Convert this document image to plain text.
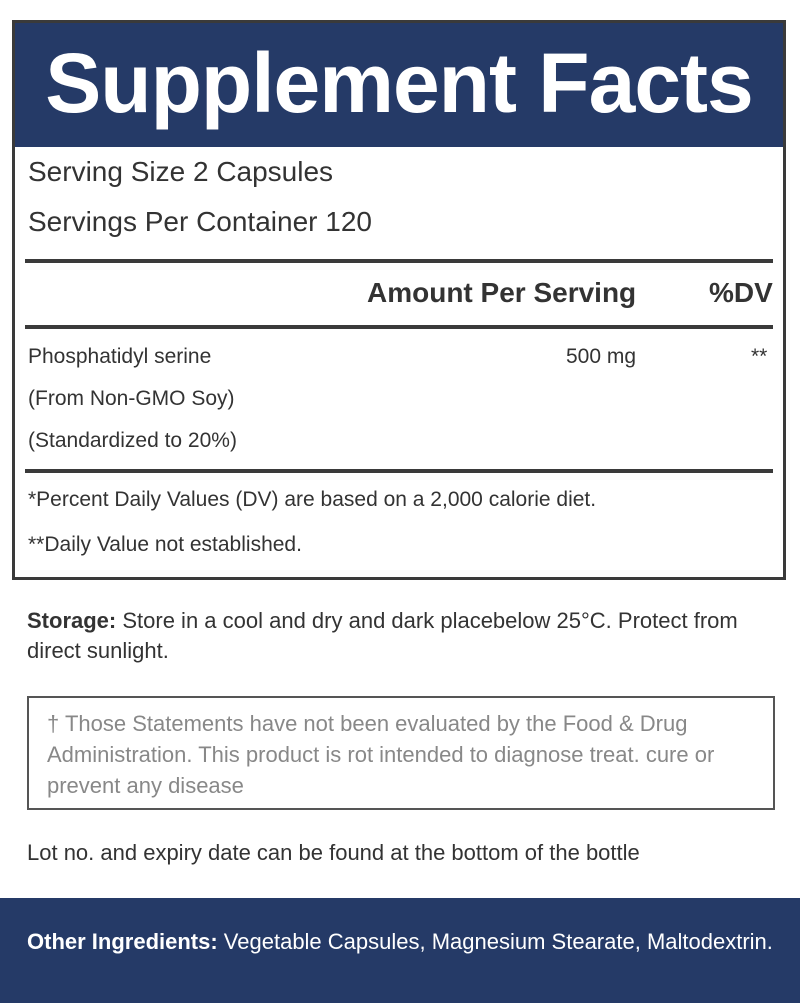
Supplement Facts
Serving Size 2 Capsules
Servings Per Container 120
Amount Per Serving	%DV
Phosphatidyl serine	500 mg	**
(From Non-GMO Soy)
(Standardized to 20%)
*Percent Daily Values (DV) are based on a 2,000 calorie diet.
**Daily Value not established.
Storage: Store in a cool and dry and dark placebelow 25°C. Protect from direct sunlight.
† Those Statements have not been evaluated by the Food & Drug Administration. This product is rot intended to diagnose treat. cure or prevent any disease
Lot no. and expiry date can be found at the bottom of the bottle
Other Ingredients: Vegetable Capsules, Magnesium Stearate, Maltodextrin.
